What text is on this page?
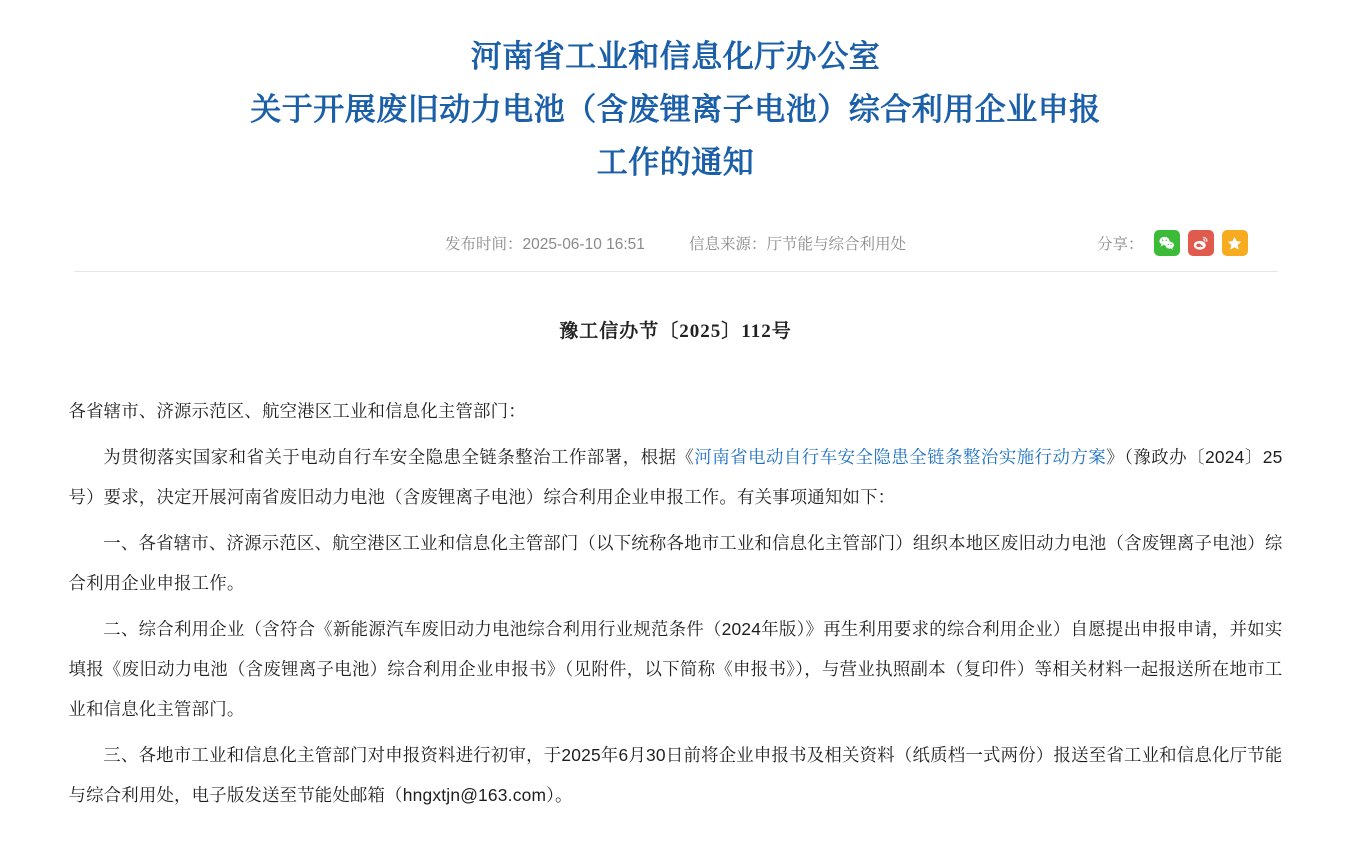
河南省工业和信息化厅办公室
关于开展废旧动力电池（含废锂离子电池）综合利用企业申报
工作的通知
发布时间：2025-06-10 16:51	信息来源：厅节能与综合利用处	分享：
豫工信办节〔2025〕112号
各省辖市、济源示范区、航空港区工业和信息化主管部门：
为贯彻落实国家和省关于电动自行车安全隐患全链条整治工作部署，根据《河南省电动自行车安全隐患全链条整治实施行动方案》（豫政办〔2024〕25号）要求，决定开展河南省废旧动力电池（含废锂离子电池）综合利用企业申报工作。有关事项通知如下：
一、各省辖市、济源示范区、航空港区工业和信息化主管部门（以下统称各地市工业和信息化主管部门）组织本地区废旧动力电池（含废锂离子电池）综合利用企业申报工作。
二、综合利用企业（含符合《新能源汽车废旧动力电池综合利用行业规范条件（2024年版）》再生利用要求的综合利用企业）自愿提出申报申请，并如实填报《废旧动力电池（含废锂离子电池）综合利用企业申报书》（见附件，以下简称《申报书》），与营业执照副本（复印件）等相关材料一起报送所在地市工业和信息化主管部门。
三、各地市工业和信息化主管部门对申报资料进行初审，于2025年6月30日前将企业申报书及相关资料（纸质档一式两份）报送至省工业和信息化厅节能与综合利用处，电子版发送至节能处邮箱（hngxtjn@163.com）。
